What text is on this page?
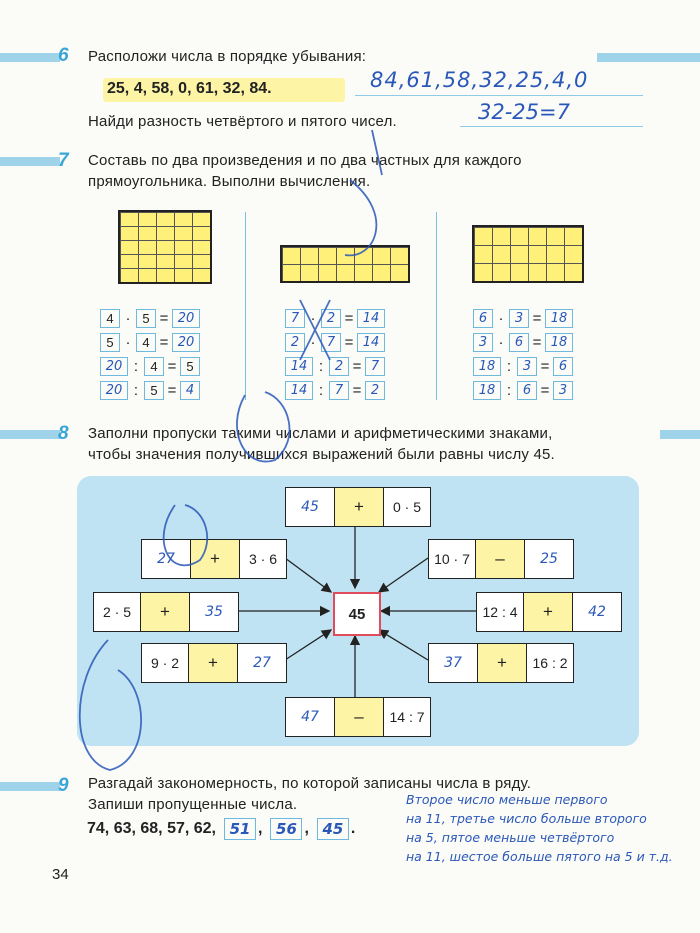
6 Расположи числа в порядке убывания:
25, 4, 58, 0, 61, 32, 84.	84,61,58,32,25,4,0
Найди разность четвёртого и пятого чисел.	32-25=7
7 Составь по два произведения и по два частных для каждого
прямоугольника. Выполни вычисления.
4 · 5 = 20
5 · 4 = 20
20 : 4 = 5
20 : 5 = 4
7 · 2 = 14
2 · 7 = 14
14 : 2 = 7
14 : 7 = 2
6 · 3 = 18
3 · 6 = 18
18 : 3 = 6
18 : 6 = 3
8 Заполни пропуски такими числами и арифметическими знаками,
чтобы значения получившихся выражений были равны числу 45.
45	+	0 · 5
27	+	3 · 6	10 · 7	–	25
2 · 5	+	35	45	12 : 4	+	42
9 · 2	+	27	37	+	16 : 2
47	–	14 : 7
9 Разгадай закономерность, по которой записаны числа в ряду.
Запиши пропущенные числа.
74, 63, 68, 57, 62, 51 , 56 , 45 .
Второе число меньше первого
на 11, третье число больше второго
на 5, пятое меньше четвёртого
на 11, шестое больше пятого на 5 и т.д.
34
